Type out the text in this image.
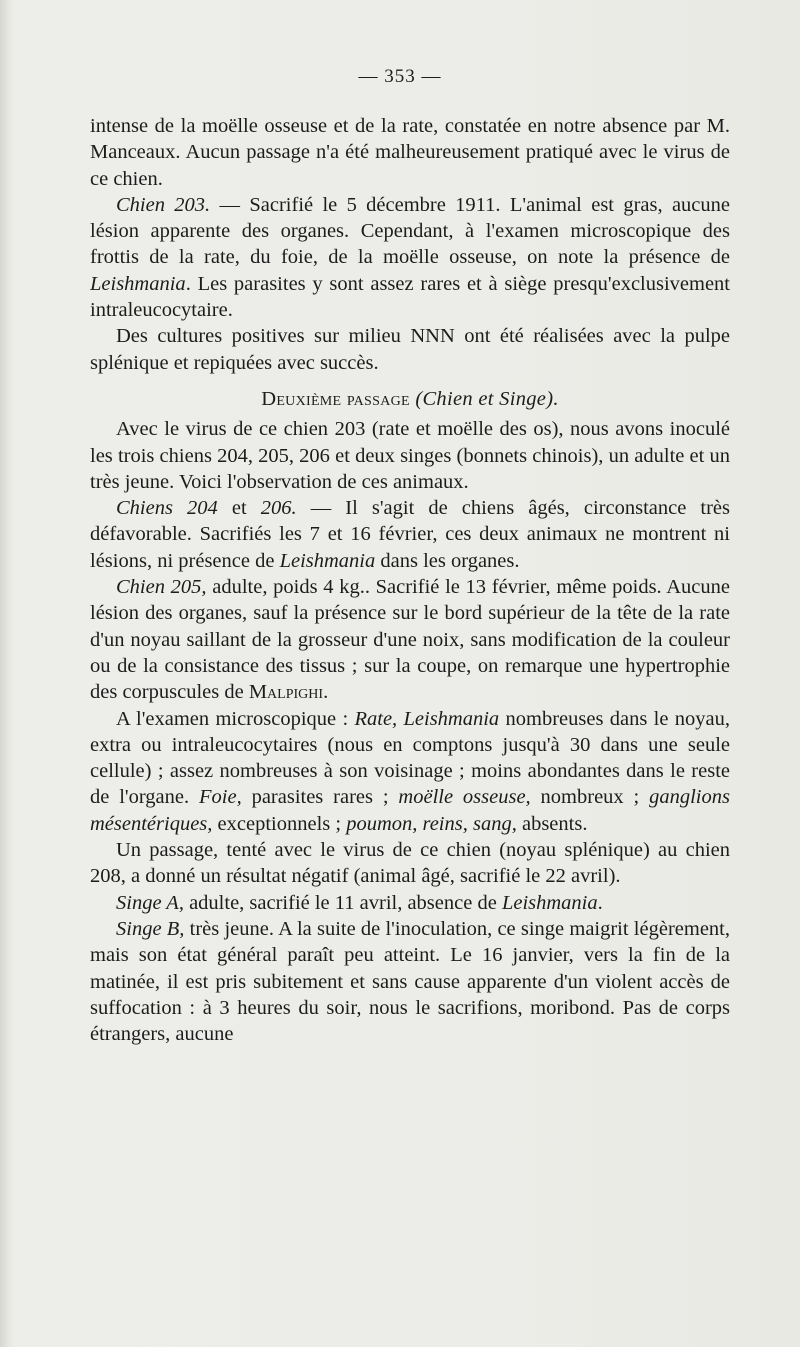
— 353 —

intense de la moëlle osseuse et de la rate, constatée en notre absence par M. Manceaux. Aucun passage n'a été malheureusement pratiqué avec le virus de ce chien.

Chien 203. — Sacrifié le 5 décembre 1911. L'animal est gras, aucune lésion apparente des organes. Cependant, à l'examen microscopique des frottis de la rate, du foie, de la moëlle osseuse, on note la présence de Leishmania. Les parasites y sont assez rares et à siège presqu'exclusivement intraleucocytaire.

Des cultures positives sur milieu NNN ont été réalisées avec la pulpe splénique et repiquées avec succès.

Deuxième passage (Chien et Singe).

Avec le virus de ce chien 203 (rate et moëlle des os), nous avons inoculé les trois chiens 204, 205, 206 et deux singes (bonnets chinois), un adulte et un très jeune. Voici l'observation de ces animaux.

Chiens 204 et 206. — Il s'agit de chiens âgés, circonstance très défavorable. Sacrifiés les 7 et 16 février, ces deux animaux ne montrent ni lésions, ni présence de Leishmania dans les organes.

Chien 205, adulte, poids 4 kg.. Sacrifié le 13 février, même poids. Aucune lésion des organes, sauf la présence sur le bord supérieur de la tête de la rate d'un noyau saillant de la grosseur d'une noix, sans modification de la couleur ou de la consistance des tissus ; sur la coupe, on remarque une hypertrophie des corpuscules de Malpighi.

A l'examen microscopique : Rate, Leishmania nombreuses dans le noyau, extra ou intraleucocytaires (nous en comptons jusqu'à 30 dans une seule cellule) ; assez nombreuses à son voisinage ; moins abondantes dans le reste de l'organe. Foie, parasites rares ; moëlle osseuse, nombreux ; ganglions mésentériques, exceptionnels ; poumon, reins, sang, absents.

Un passage, tenté avec le virus de ce chien (noyau splénique) au chien 208, a donné un résultat négatif (animal âgé, sacrifié le 22 avril).

Singe A, adulte, sacrifié le 11 avril, absence de Leishmania.

Singe B, très jeune. A la suite de l'inoculation, ce singe maigrit légèrement, mais son état général paraît peu atteint. Le 16 janvier, vers la fin de la matinée, il est pris subitement et sans cause apparente d'un violent accès de suffocation : à 3 heures du soir, nous le sacrifions, moribond. Pas de corps étrangers, aucune
